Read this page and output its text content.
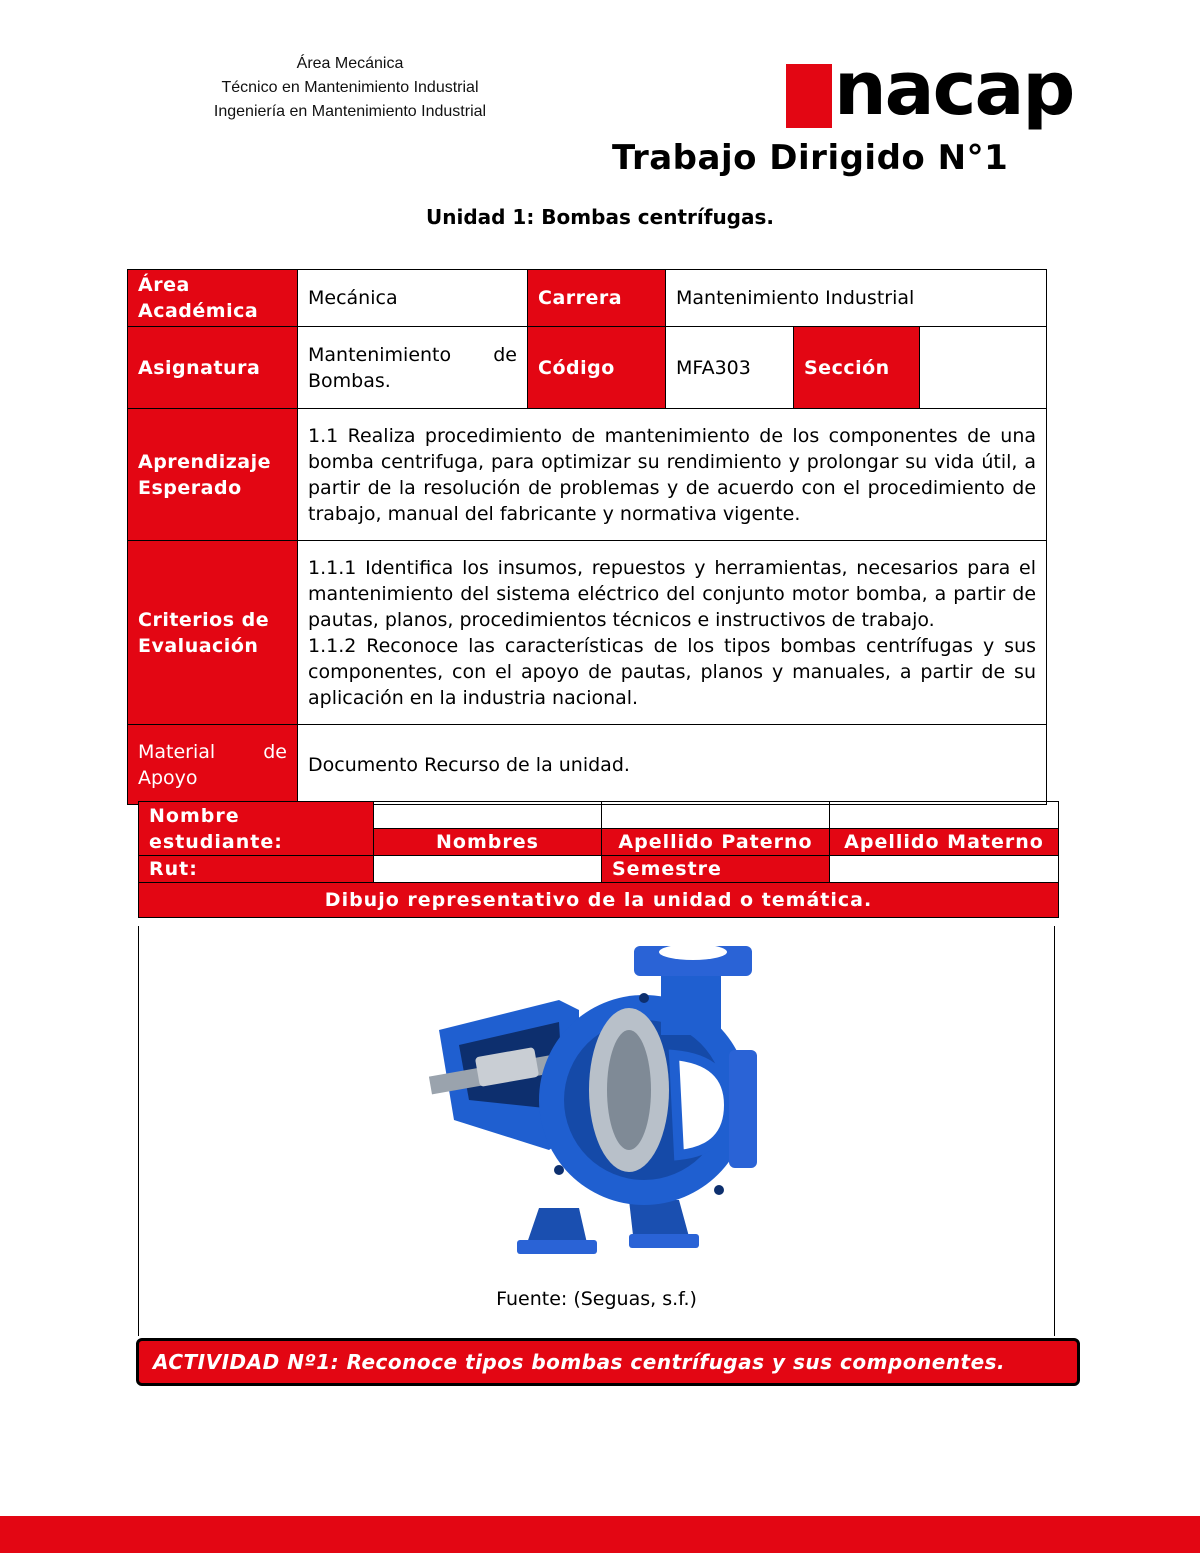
Área Mecánica
Técnico en Mantenimiento Industrial
Ingeniería en Mantenimiento Industrial	nacap
Trabajo Dirigido N°1
Unidad 1: Bombas centrífugas.
Área Académica	Mecánica	Carrera	Mantenimiento Industrial		
Asignatura	Mantenimiento de Bombas.	Código	MFA303	Sección	
Aprendizaje Esperado	1.1 Realiza procedimiento de mantenimiento de los componentes de una bomba centrifuga, para optimizar su rendimiento y prolongar su vida útil, a partir de la resolución de problemas y de acuerdo con el procedimiento de trabajo, manual del fabricante y normativa vigente.				
Criterios de Evaluación	1.1.1 Identifica los insumos, repuestos y herramientas, necesarios para el mantenimiento del sistema eléctrico del conjunto motor bomba, a partir de pautas, planos, procedimientos técnicos e instructivos de trabajo.
1.1.2 Reconoce las características de los tipos bombas centrífugas y sus componentes, con el apoyo de pautas, planos y manuales, a partir de su aplicación en la industria nacional.				

Material de Apoyo	Documento Recurso de la unidad.				
Nombre estudiante:			
	Nombres	Apellido Paterno	Apellido Materno
Rut:		Semestre	
Dibujo representativo de la unidad o temática.			
Fuente: (Seguas, s.f.)
ACTIVIDAD Nº1: Reconoce tipos bombas centrífugas y sus componentes.
